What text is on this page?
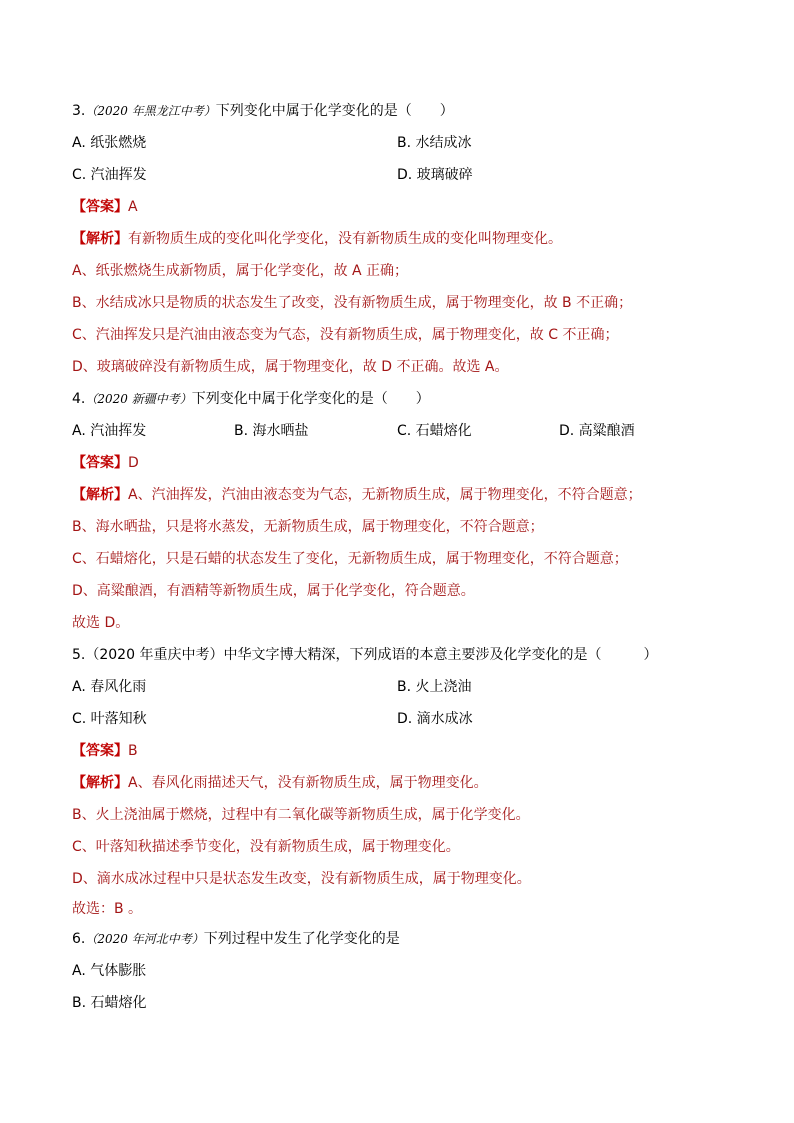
3.（2020 年黑龙江中考）下列变化中属于化学变化的是（　　）
A. 纸张燃烧	B. 水结成冰
C. 汽油挥发	D. 玻璃破碎
【答案】A
【解析】有新物质生成的变化叫化学变化，没有新物质生成的变化叫物理变化。
A、纸张燃烧生成新物质，属于化学变化，故 A 正确；
B、水结成冰只是物质的状态发生了改变，没有新物质生成，属于物理变化，故 B 不正确；
C、汽油挥发只是汽油由液态变为气态，没有新物质生成，属于物理变化，故 C 不正确；
D、玻璃破碎没有新物质生成，属于物理变化，故 D 不正确。故选 A。
4.（2020 新疆中考）下列变化中属于化学变化的是（　　）
A. 汽油挥发	B. 海水晒盐	C. 石蜡熔化	D. 高粱酿酒
【答案】D
【解析】A、汽油挥发，汽油由液态变为气态，无新物质生成，属于物理变化，不符合题意；
B、海水晒盐，只是将水蒸发，无新物质生成，属于物理变化，不符合题意；
C、石蜡熔化，只是石蜡的状态发生了变化，无新物质生成，属于物理变化，不符合题意；
D、高粱酿酒，有酒精等新物质生成，属于化学变化，符合题意。
故选 D。
5.（2020 年重庆中考）中华文字博大精深，下列成语的本意主要涉及化学变化的是（　　　）
A. 春风化雨	B. 火上浇油
C. 叶落知秋	D. 滴水成冰
【答案】B
【解析】A、春风化雨描述天气，没有新物质生成，属于物理变化。
B、火上浇油属于燃烧，过程中有二氧化碳等新物质生成，属于化学变化。
C、叶落知秋描述季节变化，没有新物质生成，属于物理变化。
D、滴水成冰过程中只是状态发生改变，没有新物质生成，属于物理变化。
故选：B 。
6.（2020 年河北中考）下列过程中发生了化学变化的是
A. 气体膨胀
B. 石蜡熔化
